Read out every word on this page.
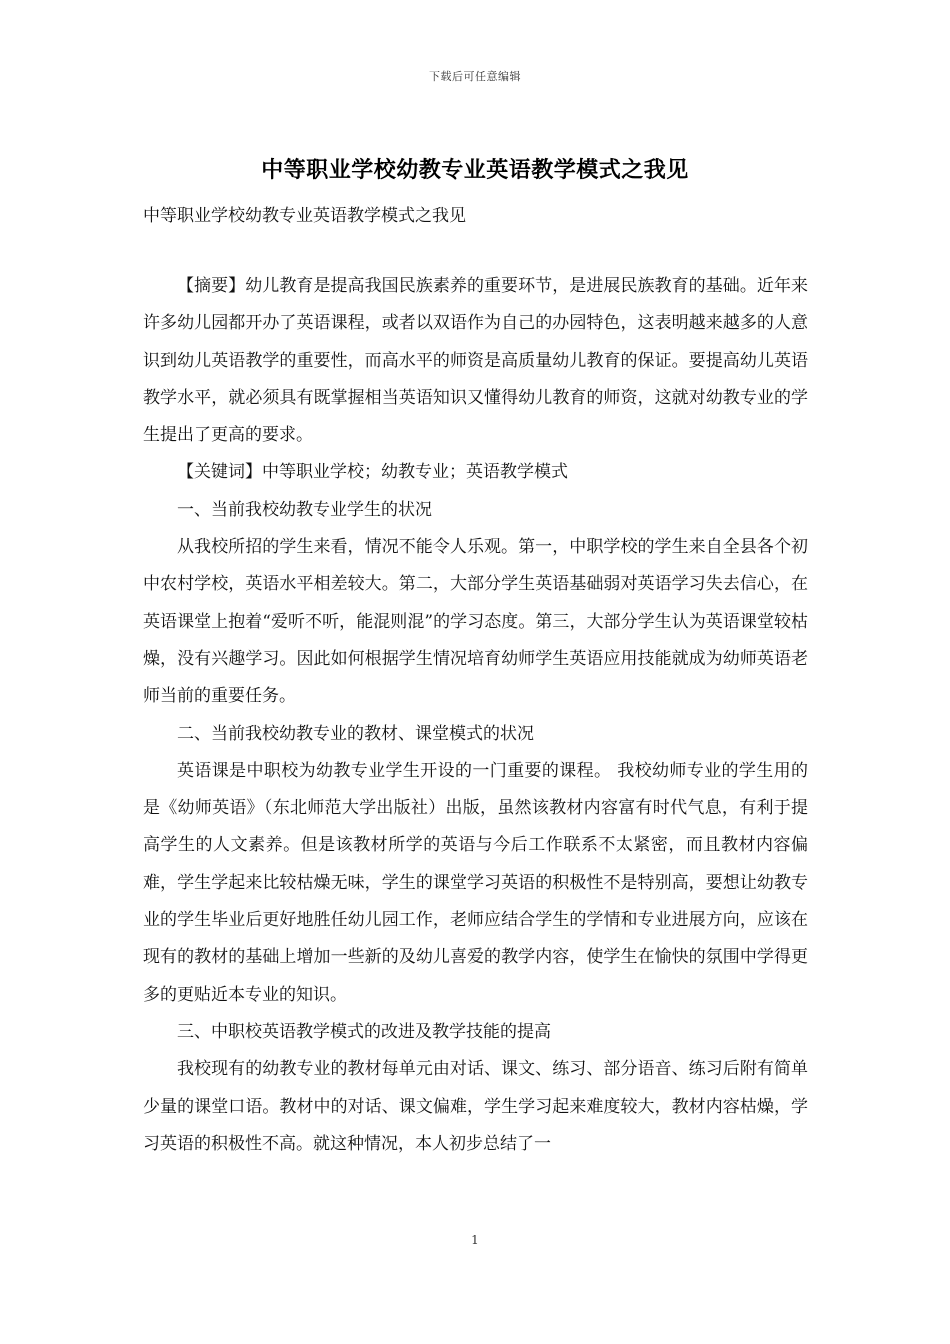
下载后可任意编辑
中等职业学校幼教专业英语教学模式之我见
中等职业学校幼教专业英语教学模式之我见

【摘要】幼儿教育是提高我国民族素养的重要环节，是进展民族教育的基础。近年来许多幼儿园都开办了英语课程，或者以双语作为自己的办园特色，这表明越来越多的人意识到幼儿英语教学的重要性，而高水平的师资是高质量幼儿教育的保证。要提高幼儿英语教学水平，就必须具有既掌握相当英语知识又懂得幼儿教育的师资，这就对幼教专业的学生提出了更高的要求。

【关键词】中等职业学校；幼教专业；英语教学模式

一、当前我校幼教专业学生的状况

从我校所招的学生来看，情况不能令人乐观。第一，中职学校的学生来自全县各个初中农村学校，英语水平相差较大。第二，大部分学生英语基础弱对英语学习失去信心，在英语课堂上抱着“爱听不听，能混则混”的学习态度。第三，大部分学生认为英语课堂较枯燥，没有兴趣学习。因此如何根据学生情况培育幼师学生英语应用技能就成为幼师英语老师当前的重要任务。

二、当前我校幼教专业的教材、课堂模式的状况

英语课是中职校为幼教专业学生开设的一门重要的课程。 我校幼师专业的学生用的是《幼师英语》（东北师范大学出版社）出版，虽然该教材内容富有时代气息，有利于提高学生的人文素养。但是该教材所学的英语与今后工作联系不太紧密，而且教材内容偏难，学生学起来比较枯燥无味，学生的课堂学习英语的积极性不是特别高，要想让幼教专业的学生毕业后更好地胜任幼儿园工作，老师应结合学生的学情和专业进展方向，应该在现有的教材的基础上增加一些新的及幼儿喜爱的教学内容，使学生在愉快的氛围中学得更多的更贴近本专业的知识。

三、中职校英语教学模式的改进及教学技能的提高

我校现有的幼教专业的教材每单元由对话、课文、练习、部分语音、练习后附有简单少量的课堂口语。教材中的对话、课文偏难，学生学习起来难度较大，教材内容枯燥，学习英语的积极性不高。就这种情况，本人初步总结了一

1
